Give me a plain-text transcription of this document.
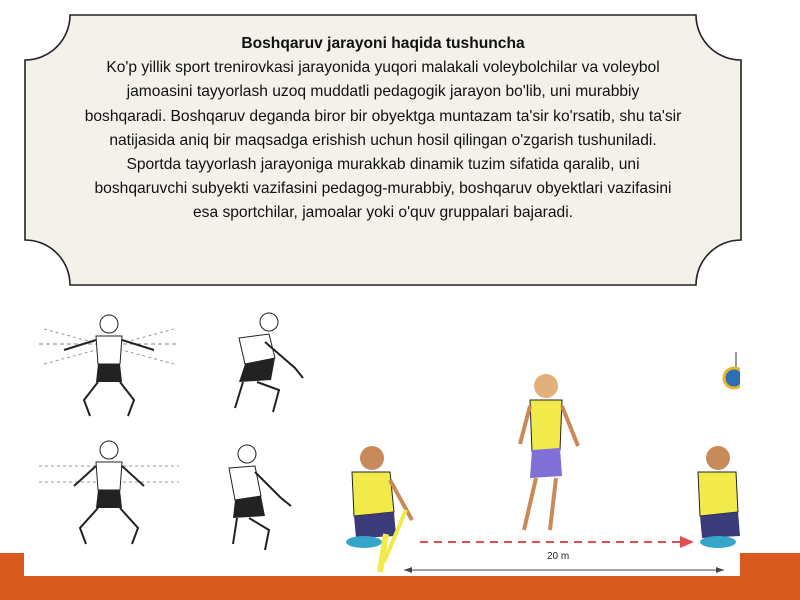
Boshqaruv jarayoni haqida tushuncha
Ko'p yillik sport trenirovkasi jarayonida yuqori malakali voleybolchilar va voleybol jamoasini tayyorlash uzoq muddatli pedagogik jarayon bo'lib, uni murabbiy boshqaradi. Boshqaruv deganda biror bir obyektga muntazam ta'sir ko'rsatib, shu ta'sir natijasida aniq bir maqsadga erishish uchun hosil qilingan o'zgarish tushuniladi. Sportda tayyorlash jarayoniga murakkab dinamik tuzim sifatida qaralib, uni boshqaruvchi subyekti vazifasini pedagog-murabbiy, boshqaruv obyektlari vazifasini esa sportchilar, jamoalar yoki o'quv gruppalari bajaradi.
20 m
